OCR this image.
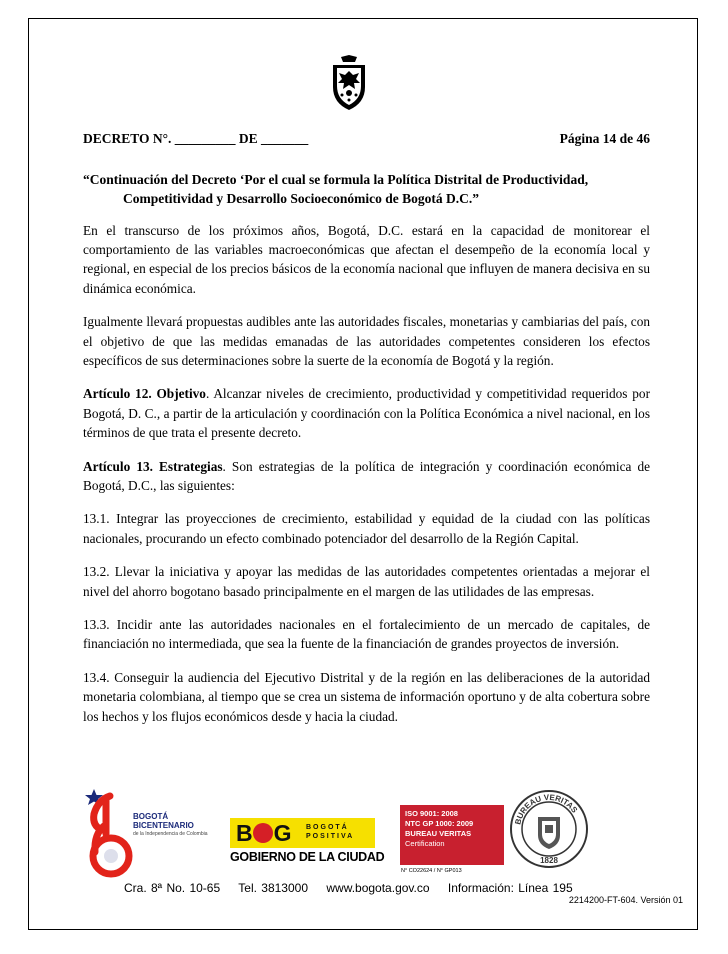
DECRETO N°. _________ DE _______	Página 14 de 46
“Continuación del Decreto ‘Por el cual se formula la Política Distrital de Productividad,
Competitividad y Desarrollo Socioeconómico de Bogotá D.C.”

En el transcurso de los próximos años, Bogotá, D.C. estará en la capacidad de monitorear el comportamiento de las variables macroeconómicas que afectan el desempeño de la economía local y regional, en especial de los precios básicos de la economía nacional que influyen de manera decisiva en su dinámica económica.

Igualmente llevará propuestas audibles ante las autoridades fiscales, monetarias y cambiarias del país, con el objetivo de que las medidas emanadas de las autoridades competentes consideren los efectos específicos de sus determinaciones sobre la suerte de la economía de Bogotá y la región.

Artículo 12. Objetivo. Alcanzar niveles de crecimiento, productividad y competitividad requeridos por Bogotá, D. C., a partir de la articulación y coordinación con la Política Económica a nivel nacional, en los términos de que trata el presente decreto.

Artículo 13. Estrategias. Son estrategias de la política de integración y coordinación económica de Bogotá, D.C., las siguientes:

13.1. Integrar las proyecciones de crecimiento, estabilidad y equidad de la ciudad con las políticas nacionales, procurando un efecto combinado potenciador del desarrollo de la Región Capital.

13.2. Llevar la iniciativa y apoyar las medidas de las autoridades competentes orientadas a mejorar el nivel del ahorro bogotano basado principalmente en el margen de las utilidades de las empresas.

13.3. Incidir ante las autoridades nacionales en el fortalecimiento de un mercado de capitales, de financiación no intermediada, que sea la fuente de la financiación de grandes proyectos de inversión.

13.4. Conseguir la audiencia del Ejecutivo Distrital y de la región en las deliberaciones de la autoridad monetaria colombiana, al tiempo que se crea un sistema de información oportuno y de alta cobertura sobre los hechos y los flujos económicos desde y hacia la ciudad.

BOGOTÁ
BICENTENARIO
de la Independencia de Colombia B G BOGOTÁ
POSITIVA
GOBIERNO DE LA CIUDAD
ISO 9001: 2008
NTC GP 1000: 2009
BUREAU VERITAS
Certification
N° CO22624 / N° GP013
BUREAU VERITAS
1828
Cra. 8ª No. 10-65 Tel. 3813000 www.bogota.gov.co Información: Línea 195
2214200-FT-604. Versión 01
